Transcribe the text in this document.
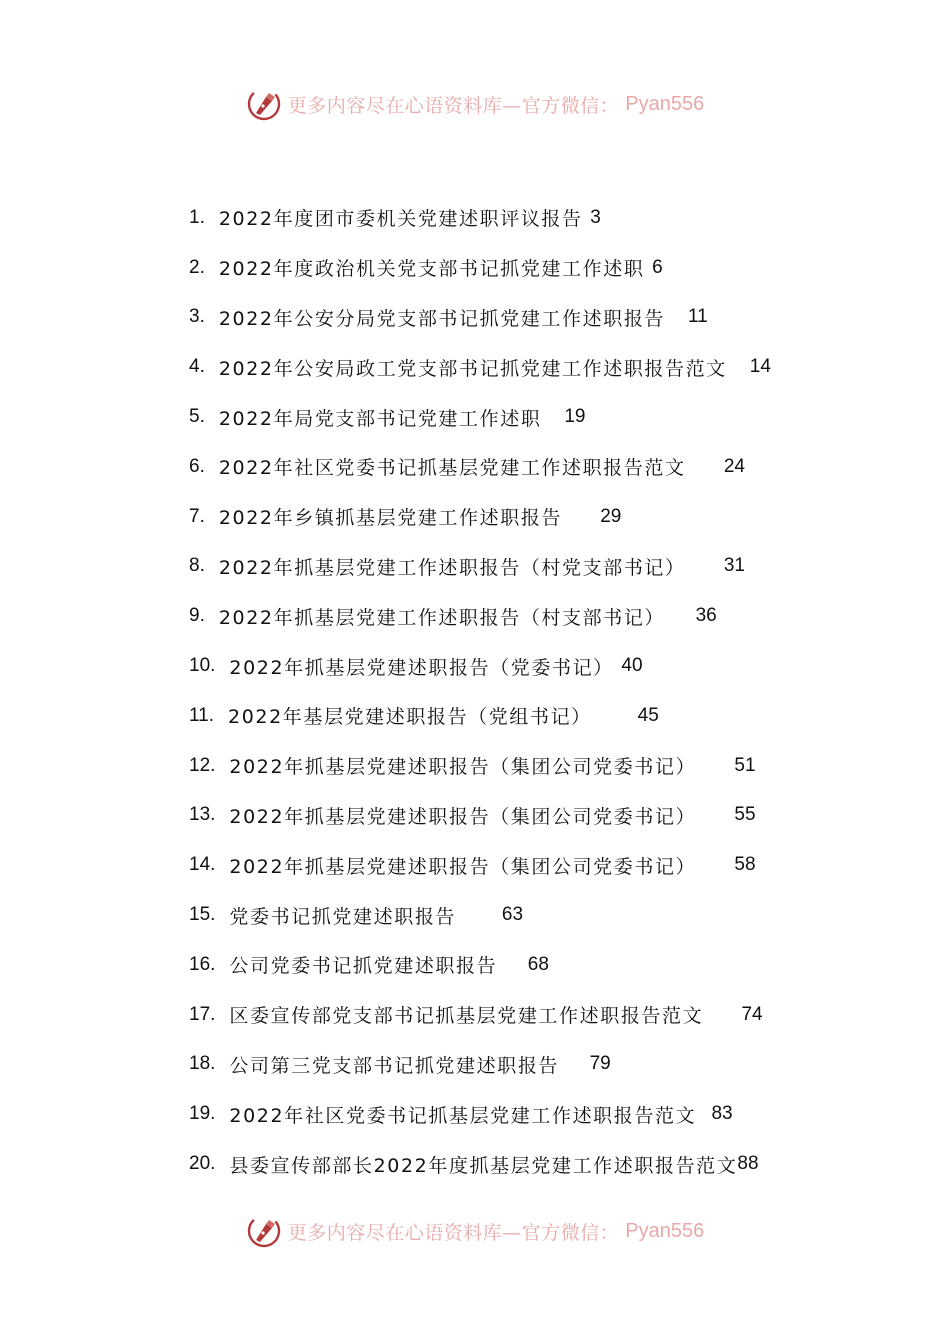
更多内容尽在心语资料库—官方微信： Pyan556
1. 2022年度团市委机关党建述职评议报告
3
2. 2022年度政治机关党支部书记抓党建工作述职
6
3. 2022年公安分局党支部书记抓党建工作述职报告
11
4. 2022年公安局政工党支部书记抓党建工作述职报告范文
14
5. 2022年局党支部书记党建工作述职
19
6. 2022年社区党委书记抓基层党建工作述职报告范文
24
7. 2022年乡镇抓基层党建工作述职报告
29
8. 2022年抓基层党建工作述职报告（村党支部书记）
31
9. 2022年抓基层党建工作述职报告（村支部书记）
36
10. 2022年抓基层党建述职报告（党委书记）
40
11. 2022年基层党建述职报告（党组书记）
45
12. 2022年抓基层党建述职报告（集团公司党委书记）
51
13. 2022年抓基层党建述职报告（集团公司党委书记）
55
14. 2022年抓基层党建述职报告（集团公司党委书记）
58
15. 党委书记抓党建述职报告
63
16. 公司党委书记抓党建述职报告
68
17. 区委宣传部党支部书记抓基层党建工作述职报告范文
74
18. 公司第三党支部书记抓党建述职报告
79
19. 2022年社区党委书记抓基层党建工作述职报告范文
83
20. 县委宣传部部长2022年度抓基层党建工作述职报告范文 88
更多内容尽在心语资料库—官方微信： Pyan556
